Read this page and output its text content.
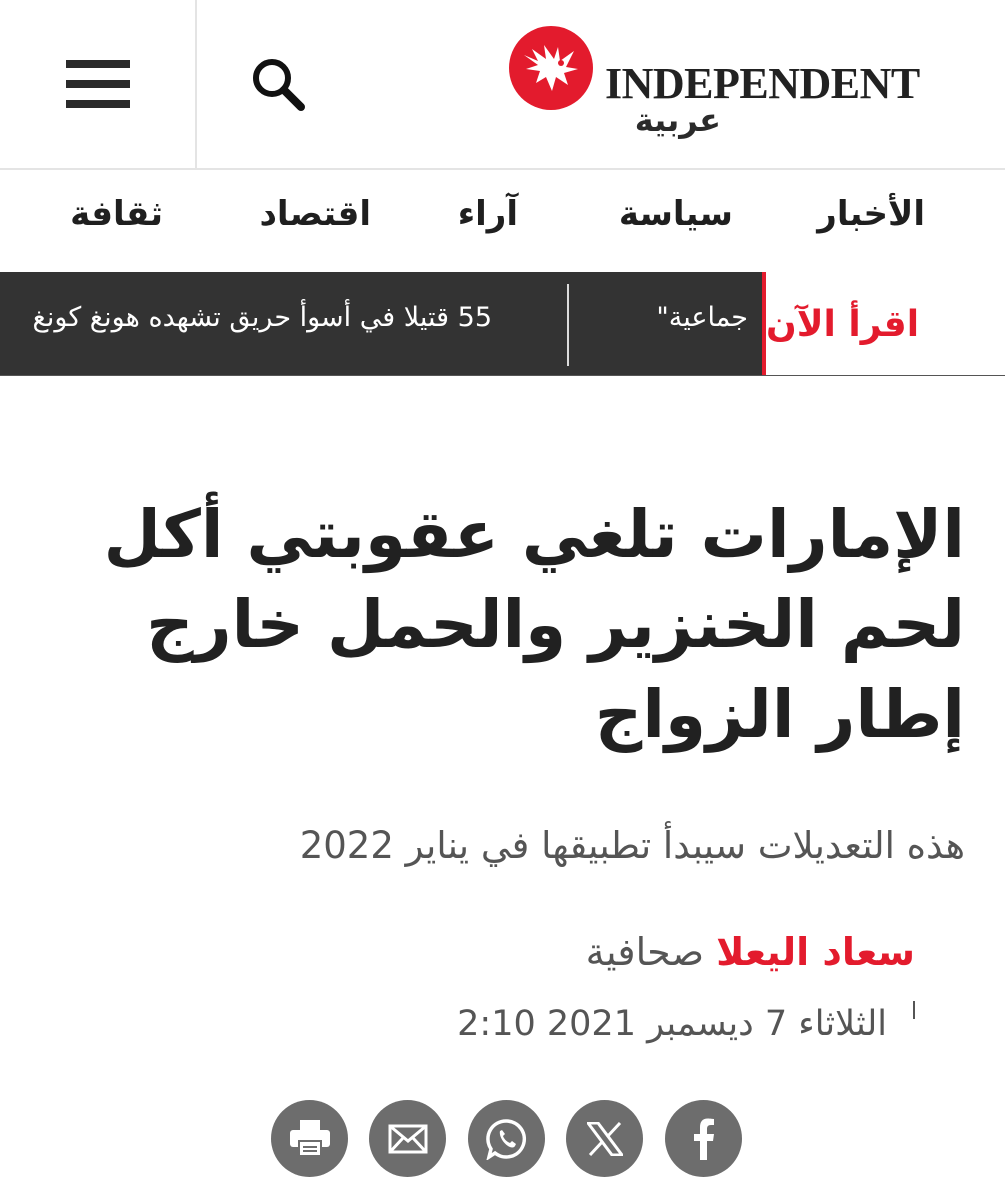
INDEPENDENT
عربية
الأخبار
سياسة
آراء
اقتصاد
ثقافة
جماعية"
55 قتيلا في أسوأ حريق تشهده هونغ كونغ	اقرأ الآن
الإمارات تلغي عقوبتي أكل لحم الخنزير والحمل خارج إطار الزواج

هذه التعديلات سيبدأ تطبيقها في يناير 2022

سعاد اليعلا صحافية
الثلاثاء 7 ديسمبر 2021 2:10
